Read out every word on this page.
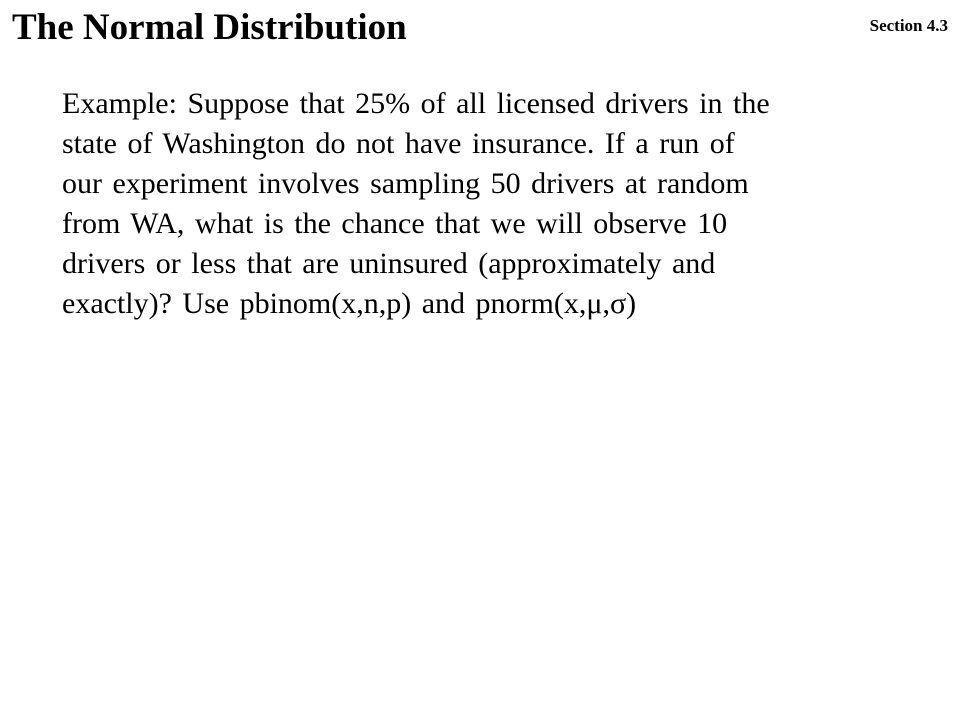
The Normal Distribution	Section 4.3
Example: Suppose that 25% of all licensed drivers in the
state of Washington do not have insurance. If a run of
our experiment involves sampling 50 drivers at random
from WA, what is the chance that we will observe 10
drivers or less that are uninsured (approximately and
exactly)? Use pbinom(x,n,p) and pnorm(x,μ,σ)
